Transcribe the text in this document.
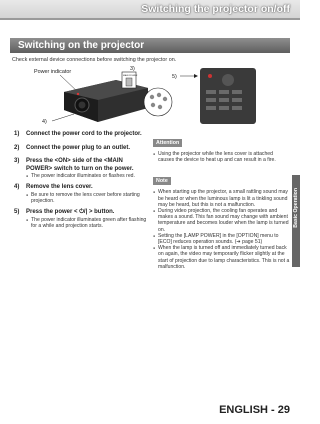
Switching the projector on/off
Switching on the projector
Check external device connections before switching the projector on.
Power indicator
MAIN POWER
3)
4)
5)
1)	Connect the power cord to the projector.
2)	Connect the power plug to an outlet.
3)	Press the <ON> side of the <MAIN POWER> switch to turn on the power.
● The power indicator illuminates or flashes red.
4)	Remove the lens cover.
● Be sure to remove the lens cover before starting projection.
5)	Press the power < ⏻/| > button.
● The power indicator illuminates green after flashing for a while and projection starts.
Attention
● Using the projector while the lens cover is attached causes the device to heat up and can result in a fire.
Note
● When starting up the projector, a small rattling sound may be heard or when the luminous lamp is lit a tinkling sound may be heard, but this is not a malfunction.
● During video projection, the cooling fan operates and makes a sound. This fan sound may change with ambient temperature and becomes louder when the lamp is turned on.
● Setting the [LAMP POWER] in the [OPTION] menu to [ECO] reduces operation sounds. (➔ page 51)
● When the lamp is turned off and immediately turned back on again, the video may temporarily flicker slightly at the start of projection due to lamp characteristics. This is not a malfunction.
Basic Operation
ENGLISH - 29
